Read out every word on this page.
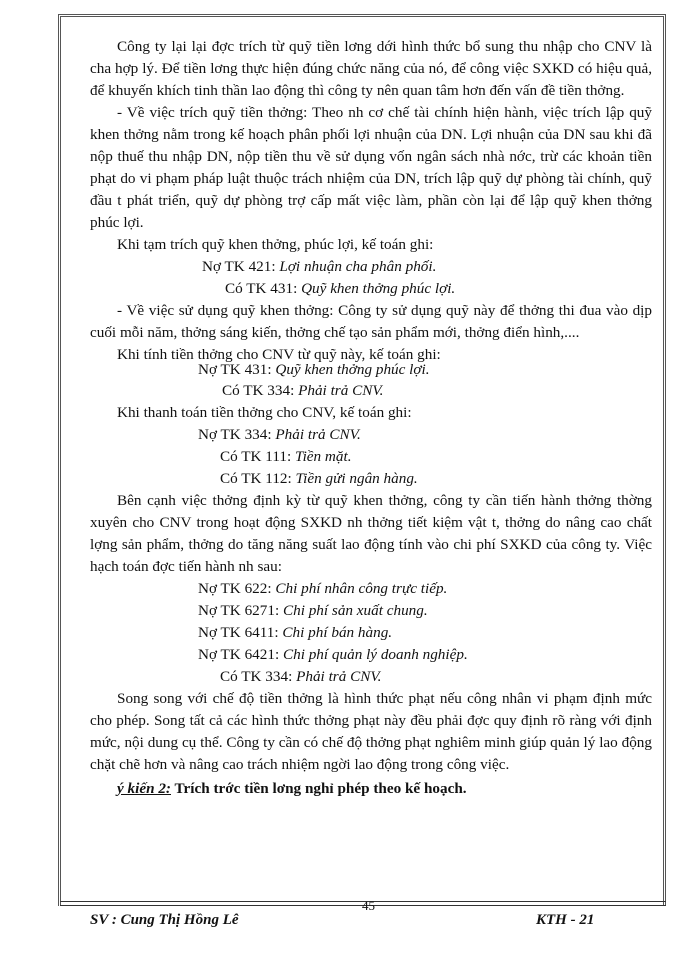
Công ty lại lại đợc trích từ quỹ tiền lơng dới hình thức bổ sung thu nhập cho CNV là cha hợp lý. Để tiền lơng thực hiện đúng chức năng của nó, để công việc SXKD có hiệu quả, để khuyến khích tinh thần lao động thì công ty nên quan tâm hơn đến vấn đề tiền thởng.

- Về việc trích quỹ tiền thởng: Theo nh cơ chế tài chính hiện hành, việc trích lập quỹ khen thởng nằm trong kế hoạch phân phối lợi nhuận của DN. Lợi nhuận của DN sau khi đã nộp thuế thu nhập DN, nộp tiền thu về sử dụng vốn ngân sách nhà nớc, trừ các khoản tiền phạt do vi phạm pháp luật thuộc trách nhiệm của DN, trích lập quỹ dự phòng tài chính, quỹ đầu t phát triển, quỹ dự phòng trợ cấp mất việc làm, phần còn lại để lập quỹ khen thởng phúc lợi.

Khi tạm trích quỹ khen thởng, phúc lợi, kế toán ghi:

Nợ TK 421: Lợi nhuận cha phân phối.
Có TK 431: Quỹ khen thởng phúc lợi.

- Về việc sử dụng quỹ khen thởng: Công ty sử dụng quỹ này để thởng thi đua vào dịp cuối mỗi năm, thởng sáng kiến, thởng chế tạo sản phẩm mới, thởng điển hình,....

Khi tính tiền thởng cho CNV từ quỹ này, kế toán ghi:

Nợ TK 431: Quỹ khen thởng phúc lợi.
Có TK 334: Phải trả CNV.

Khi thanh toán tiền thởng cho CNV, kế toán ghi:

Nợ TK 334: Phải trả CNV.
Có TK 111: Tiền mặt.
Có TK 112: Tiền gửi ngân hàng.

Bên cạnh việc thởng định kỳ từ quỹ khen thởng, công ty cần tiến hành thởng thờng xuyên cho CNV trong hoạt động SXKD nh thởng tiết kiệm vật t, thởng do nâng cao chất lợng sản phẩm, thởng do tăng năng suất lao động tính vào chi phí SXKD của công ty. Việc hạch toán đợc tiến hành nh sau:

Nợ TK 622: Chi phí nhân công trực tiếp.
Nợ TK 6271: Chi phí sản xuất chung.
Nợ TK 6411: Chi phí bán hàng.
Nợ TK 6421: Chi phí quản lý doanh nghiệp.
Có TK 334: Phải trả CNV.

Song song với chế độ tiền thởng là hình thức phạt nếu công nhân vi phạm định mức cho phép. Song tất cả các hình thức thởng phạt này đều phải đợc quy định rõ ràng với định mức, nội dung cụ thể. Công ty cần có chế độ thởng phạt nghiêm minh giúp quản lý lao động chặt chẽ hơn và nâng cao trách nhiệm ngời lao động trong công việc.

ý kiến 2: Trích trớc tiền lơng nghỉ phép theo kế hoạch.
45
SV : Cung Thị Hồng Lê	KTH - 21
